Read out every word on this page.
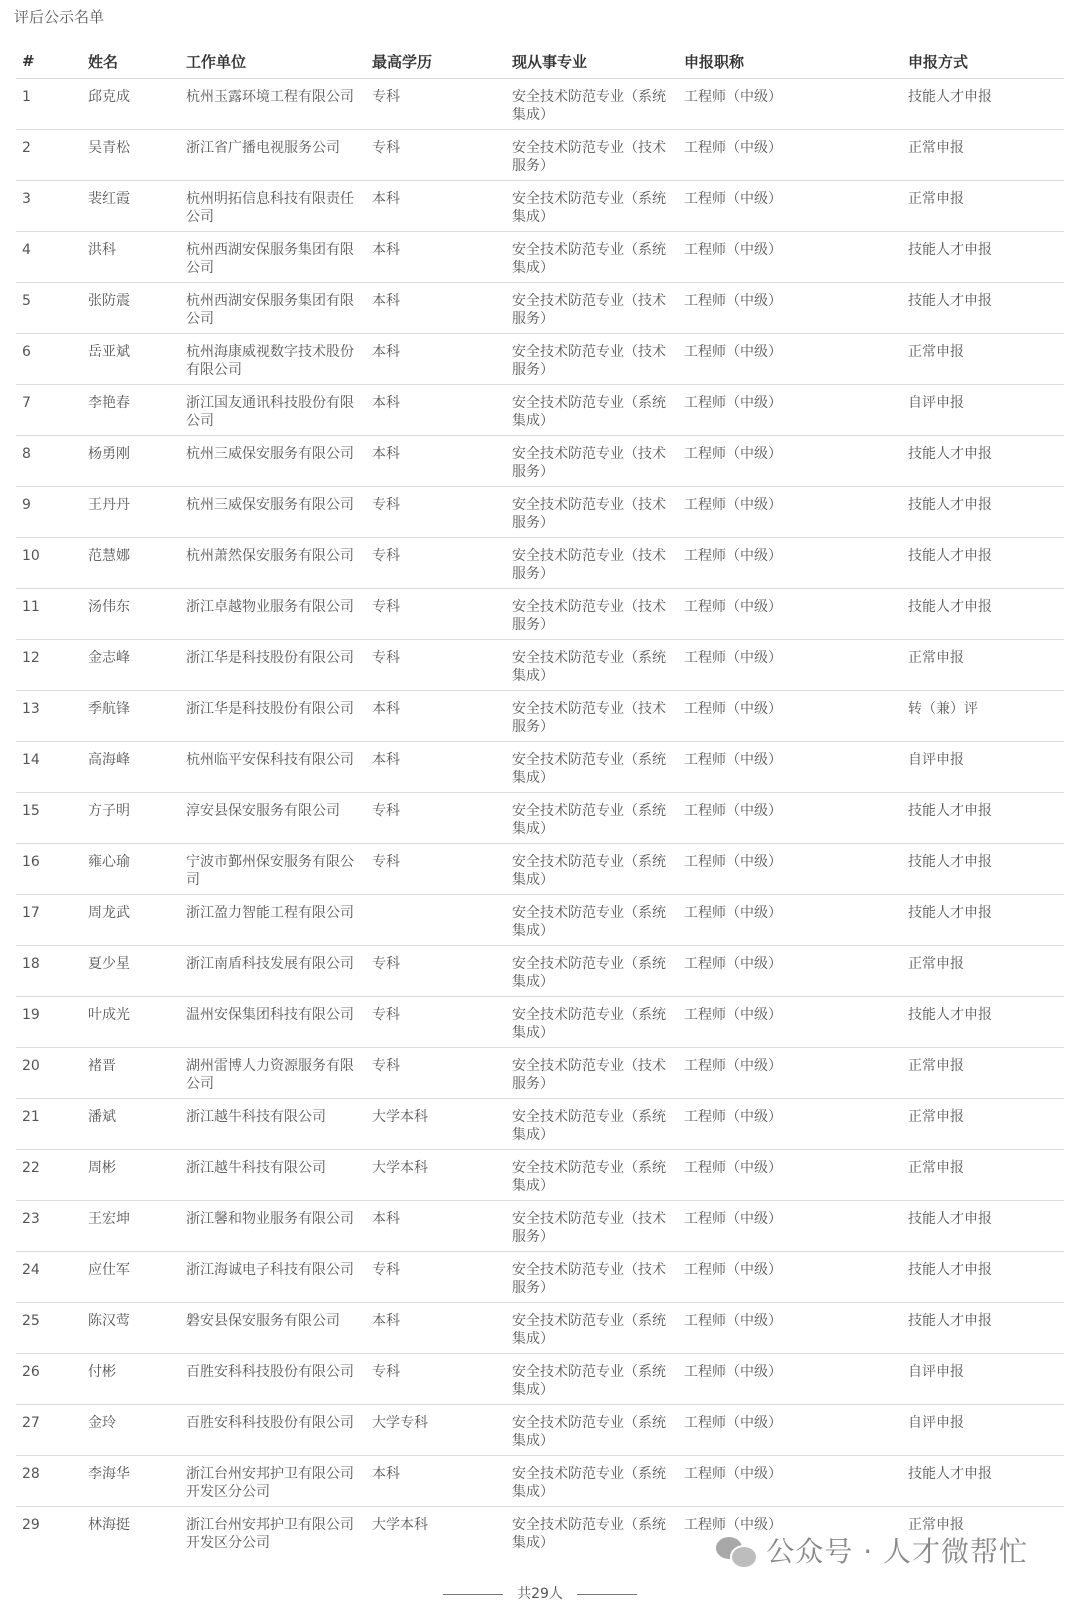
评后公示名单
#	姓名	工作单位	最高学历	现从事专业	申报职称	申报方式
1	邱克成	杭州玉露环境工程有限公司	专科	安全技术防范专业（系统集成）	工程师（中级）	技能人才申报
2	吴青松	浙江省广播电视服务公司	专科	安全技术防范专业（技术服务）	工程师（中级）	正常申报
3	裴红霞	杭州明拓信息科技有限责任公司	本科	安全技术防范专业（系统集成）	工程师（中级）	正常申报
4	洪科	杭州西湖安保服务集团有限公司	本科	安全技术防范专业（系统集成）	工程师（中级）	技能人才申报
5	张防震	杭州西湖安保服务集团有限公司	本科	安全技术防范专业（技术服务）	工程师（中级）	技能人才申报
6	岳亚斌	杭州海康威视数字技术股份有限公司	本科	安全技术防范专业（技术服务）	工程师（中级）	正常申报
7	李艳春	浙江国友通讯科技股份有限公司	本科	安全技术防范专业（系统集成）	工程师（中级）	自评申报
8	杨勇刚	杭州三威保安服务有限公司	本科	安全技术防范专业（技术服务）	工程师（中级）	技能人才申报
9	王丹丹	杭州三威保安服务有限公司	专科	安全技术防范专业（技术服务）	工程师（中级）	技能人才申报
10	范慧娜	杭州萧然保安服务有限公司	专科	安全技术防范专业（技术服务）	工程师（中级）	技能人才申报
11	汤伟东	浙江卓越物业服务有限公司	专科	安全技术防范专业（技术服务）	工程师（中级）	技能人才申报
12	金志峰	浙江华是科技股份有限公司	专科	安全技术防范专业（系统集成）	工程师（中级）	正常申报
13	季航锋	浙江华是科技股份有限公司	本科	安全技术防范专业（技术服务）	工程师（中级）	转（兼）评
14	高海峰	杭州临平安保科技有限公司	本科	安全技术防范专业（系统集成）	工程师（中级）	自评申报
15	方子明	淳安县保安服务有限公司	专科	安全技术防范专业（系统集成）	工程师（中级）	技能人才申报
16	雍心瑜	宁波市鄞州保安服务有限公司	专科	安全技术防范专业（系统集成）	工程师（中级）	技能人才申报
17	周龙武	浙江盈力智能工程有限公司		安全技术防范专业（系统集成）	工程师（中级）	技能人才申报
18	夏少星	浙江南盾科技发展有限公司	专科	安全技术防范专业（系统集成）	工程师（中级）	正常申报
19	叶成光	温州安保集团科技有限公司	专科	安全技术防范专业（系统集成）	工程师（中级）	技能人才申报
20	褚晋	湖州雷博人力资源服务有限公司	专科	安全技术防范专业（技术服务）	工程师（中级）	正常申报
21	潘斌	浙江越牛科技有限公司	大学本科	安全技术防范专业（系统集成）	工程师（中级）	正常申报
22	周彬	浙江越牛科技有限公司	大学本科	安全技术防范专业（系统集成）	工程师（中级）	正常申报
23	王宏坤	浙江馨和物业服务有限公司	本科	安全技术防范专业（技术服务）	工程师（中级）	技能人才申报
24	应仕军	浙江海诚电子科技有限公司	专科	安全技术防范专业（技术服务）	工程师（中级）	技能人才申报
25	陈汉莺	磐安县保安服务有限公司	本科	安全技术防范专业（系统集成）	工程师（中级）	技能人才申报
26	付彬	百胜安科科技股份有限公司	专科	安全技术防范专业（系统集成）	工程师（中级）	自评申报
27	金玲	百胜安科科技股份有限公司	大学专科	安全技术防范专业（系统集成）	工程师（中级）	自评申报
28	李海华	浙江台州安邦护卫有限公司开发区分公司	本科	安全技术防范专业（系统集成）	工程师（中级）	技能人才申报
29	林海挺	浙江台州安邦护卫有限公司开发区分公司	大学本科	安全技术防范专业（系统集成）	工程师（中级）	正常申报
共29人
公众号 · 人才微帮忙
